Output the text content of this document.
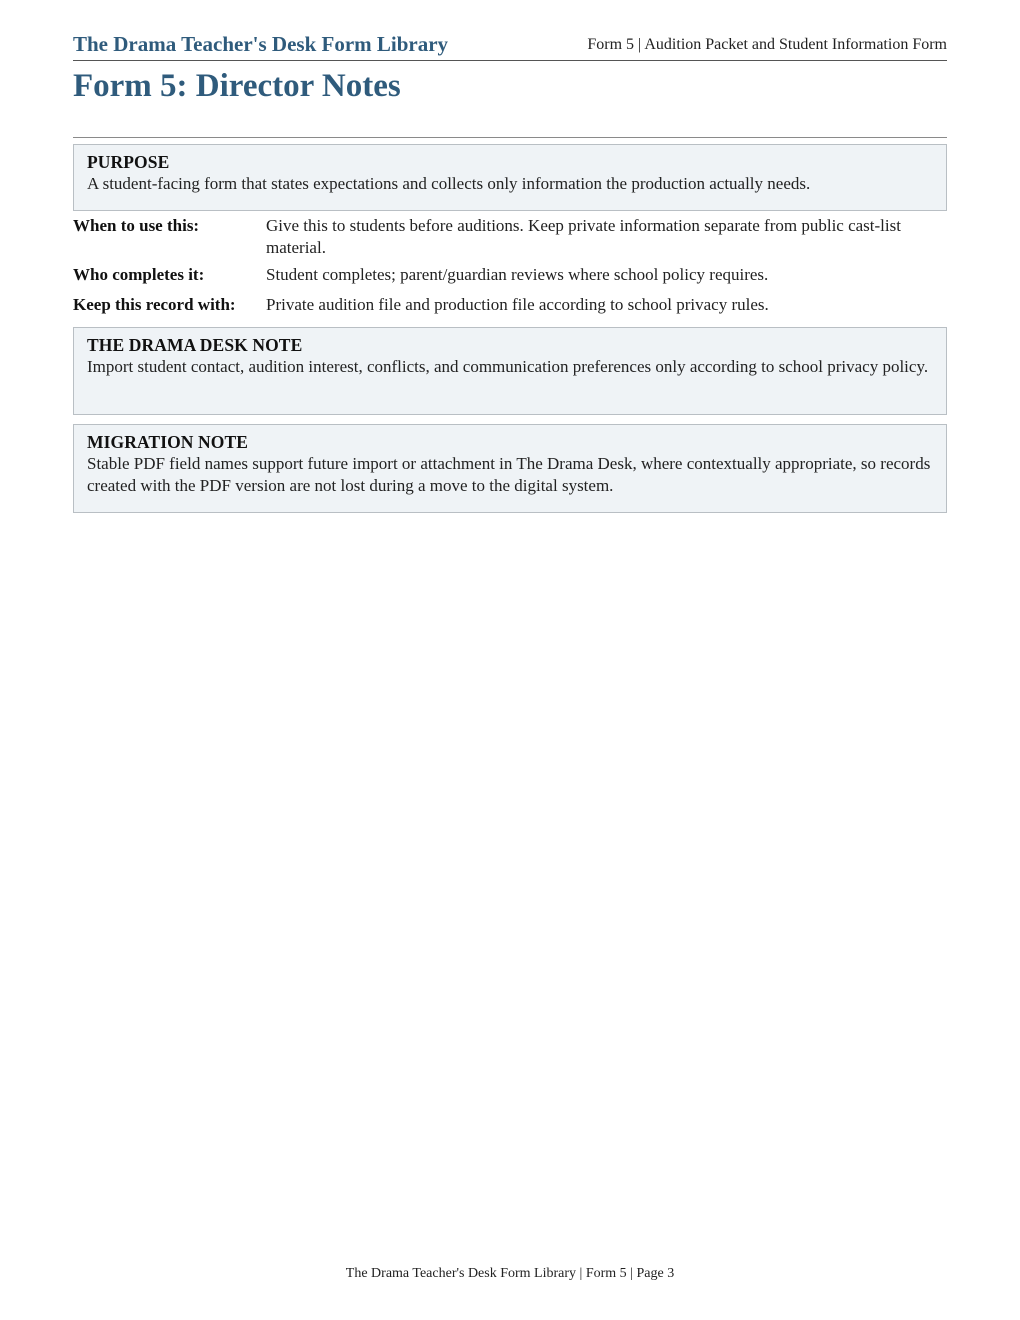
The Drama Teacher's Desk Form Library	Form 5 | Audition Packet and Student Information Form
Form 5: Director Notes
PURPOSE
A student-facing form that states expectations and collects only information the production actually needs.
When to use this:	Give this to students before auditions. Keep private information separate from public cast-list material.
Who completes it:	Student completes; parent/guardian reviews where school policy requires.
Keep this record with:	Private audition file and production file according to school privacy rules.
THE DRAMA DESK NOTE
Import student contact, audition interest, conflicts, and communication preferences only according to school privacy policy.
MIGRATION NOTE
Stable PDF field names support future import or attachment in The Drama Desk, where contextually appropriate, so records created with the PDF version are not lost during a move to the digital system.
The Drama Teacher's Desk Form Library | Form 5 | Page 3
